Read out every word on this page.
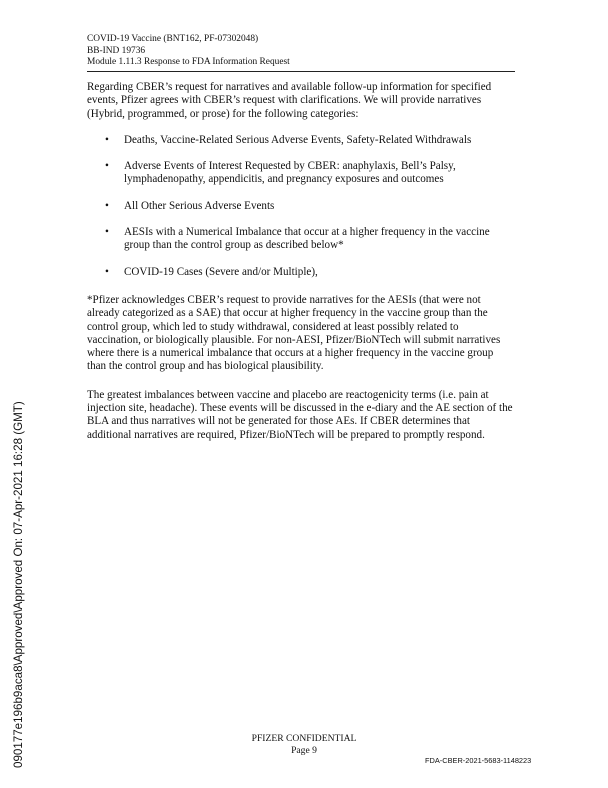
COVID-19 Vaccine (BNT162, PF-07302048)
BB-IND 19736
Module 1.11.3 Response to FDA Information Request

Regarding CBER’s request for narratives and available follow-up information for specified events, Pfizer agrees with CBER’s request with clarifications. We will provide narratives (Hybrid, programmed, or prose) for the following categories:

• Deaths, Vaccine-Related Serious Adverse Events, Safety-Related Withdrawals
• Adverse Events of Interest Requested by CBER: anaphylaxis, Bell’s Palsy, lymphadenopathy, appendicitis, and pregnancy exposures and outcomes
• All Other Serious Adverse Events
• AESIs with a Numerical Imbalance that occur at a higher frequency in the vaccine group than the control group as described below*
• COVID-19 Cases (Severe and/or Multiple),

*Pfizer acknowledges CBER’s request to provide narratives for the AESIs (that were not already categorized as a SAE) that occur at higher frequency in the vaccine group than the control group, which led to study withdrawal, considered at least possibly related to vaccination, or biologically plausible. For non-AESI, Pfizer/BioNTech will submit narratives where there is a numerical imbalance that occurs at a higher frequency in the vaccine group than the control group and has biological plausibility.

The greatest imbalances between vaccine and placebo are reactogenicity terms (i.e. pain at injection site, headache). These events will be discussed in the e-diary and the AE section of the BLA and thus narratives will not be generated for those AEs. If CBER determines that additional narratives are required, Pfizer/BioNTech will be prepared to promptly respond.

090177e196b9aca8\Approved\Approved On: 07-Apr-2021 16:28 (GMT)	PFIZER CONFIDENTIAL
Page 9
FDA-CBER-2021-5683-1148223
